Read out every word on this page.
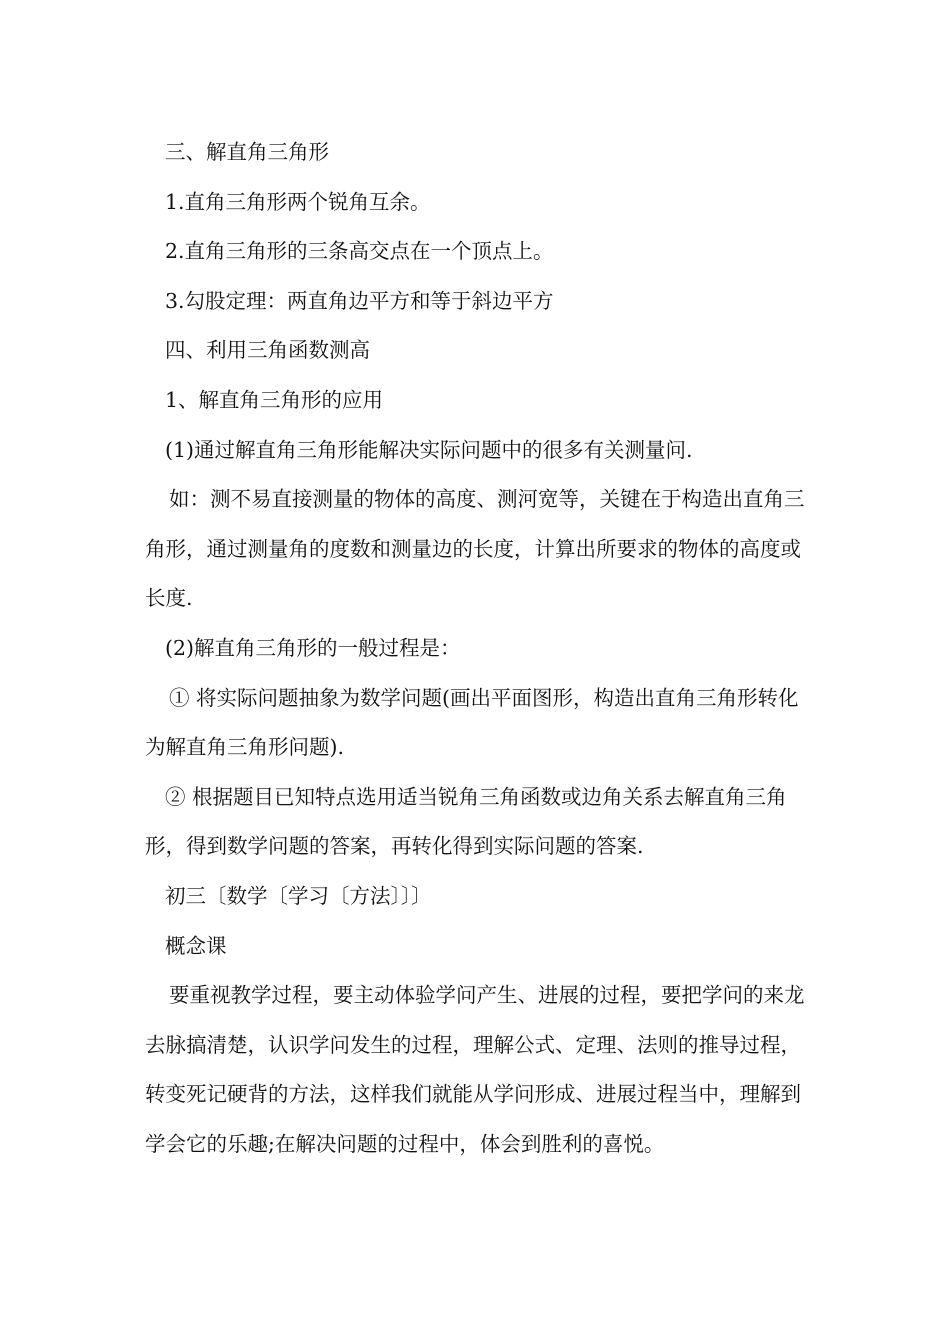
三、解直角三角形

1.直角三角形两个锐角互余。

2.直角三角形的三条高交点在一个顶点上。

3.勾股定理：两直角边平方和等于斜边平方

四、利用三角函数测高

1、解直角三角形的应用

(1)通过解直角三角形能解决实际问题中的很多有关测量问.

如：测不易直接测量的物体的高度、测河宽等，关键在于构造出直角三角形，通过测量角的度数和测量边的长度，计算出所要求的物体的高度或长度.

(2)解直角三角形的一般过程是：

① 将实际问题抽象为数学问题(画出平面图形，构造出直角三角形转化为解直角三角形问题).

② 根据题目已知特点选用适当锐角三角函数或边角关系去解直角三角形，得到数学问题的答案，再转化得到实际问题的答案.

初三〔数学〔学习〔方法〕〕〕

概念课

要重视教学过程，要主动体验学问产生、进展的过程，要把学问的来龙去脉搞清楚，认识学问发生的过程，理解公式、定理、法则的推导过程，转变死记硬背的方法，这样我们就能从学问形成、进展过程当中，理解到学会它的乐趣;在解决问题的过程中，体会到胜利的喜悦。
